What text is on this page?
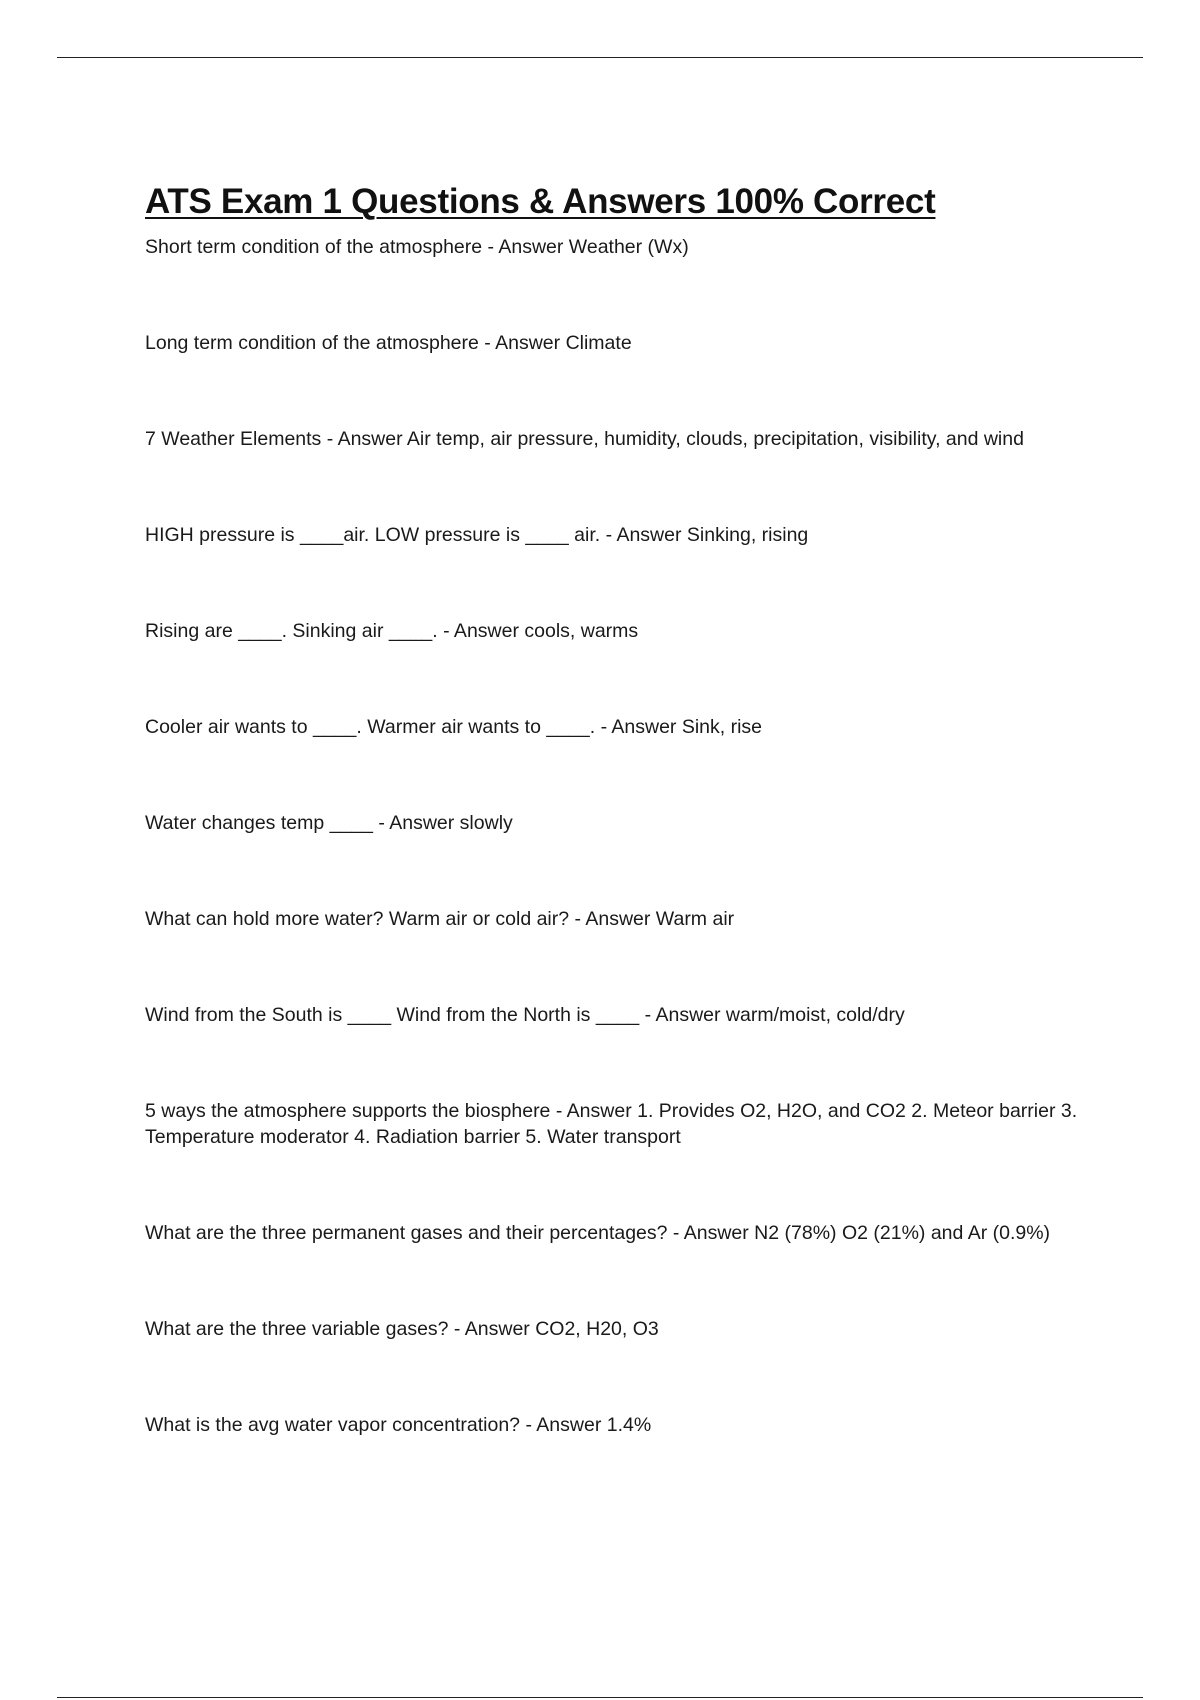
ATS Exam 1 Questions & Answers 100% Correct
Short term condition of the atmosphere - Answer Weather (Wx)
Long term condition of the atmosphere - Answer Climate
7 Weather Elements - Answer Air temp, air pressure, humidity, clouds, precipitation, visibility, and wind
HIGH pressure is ____air. LOW pressure is ____ air. - Answer Sinking, rising
Rising are ____. Sinking air ____. - Answer cools, warms
Cooler air wants to ____. Warmer air wants to ____. - Answer Sink, rise
Water changes temp ____ - Answer slowly
What can hold more water? Warm air or cold air? - Answer Warm air
Wind from the South is ____ Wind from the North is ____ - Answer warm/moist, cold/dry
5 ways the atmosphere supports the biosphere - Answer 1. Provides O2, H2O, and CO2 2. Meteor barrier 3. Temperature moderator 4. Radiation barrier 5. Water transport
What are the three permanent gases and their percentages? - Answer N2 (78%) O2 (21%) and Ar (0.9%)
What are the three variable gases? - Answer CO2, H20, O3
What is the avg water vapor concentration? - Answer 1.4%
